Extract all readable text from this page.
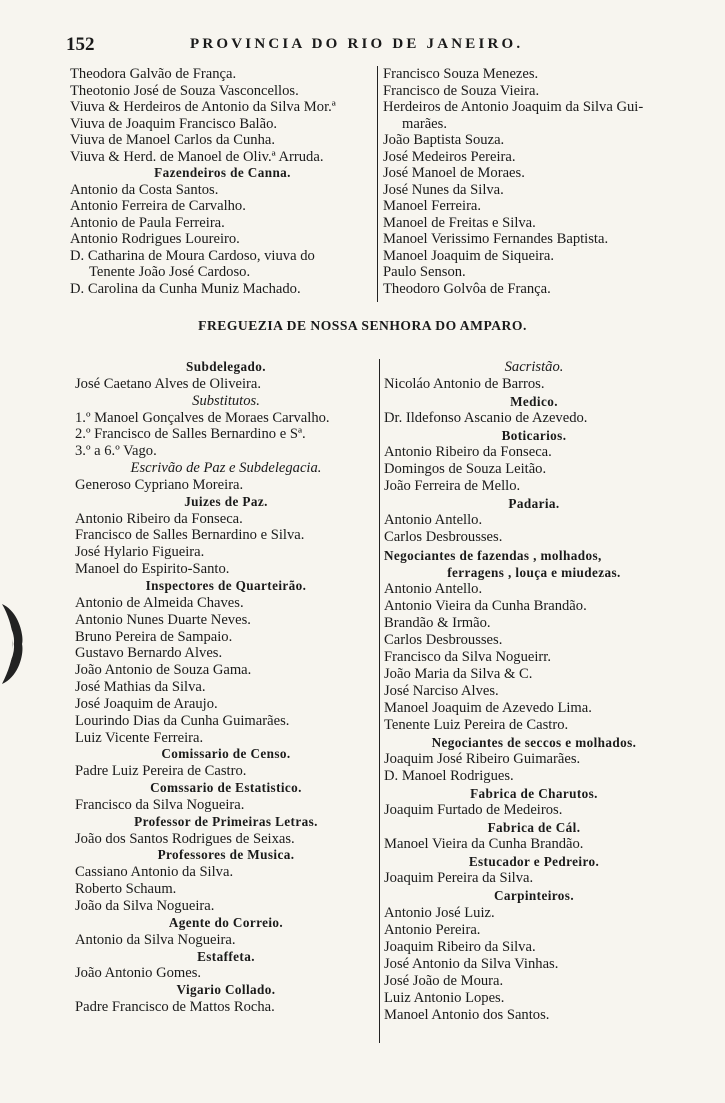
152	PROVINCIA DO RIO DE JANEIRO.
Theodora Galvão de França.
Theotonio José de Souza Vasconcellos.
Viuva & Herdeiros de Antonio da Silva Mor.ª
Viuva de Joaquim Francisco Balão.
Viuva de Manoel Carlos da Cunha.
Viuva & Herd. de Manoel de Oliv.ª Arruda.
Fazendeiros de Canna.
Antonio da Costa Santos.
Antonio Ferreira de Carvalho.
Antonio de Paula Ferreira.
Antonio Rodrigues Loureiro.
D. Catharina de Moura Cardoso, viuva do
Tenente João José Cardoso.
D. Carolina da Cunha Muniz Machado.
Francisco Souza Menezes.
Francisco de Souza Vieira.
Herdeiros de Antonio Joaquim da Silva Gui-
marães.
João Baptista Souza.
José Medeiros Pereira.
José Manoel de Moraes.
José Nunes da Silva.
Manoel Ferreira.
Manoel de Freitas e Silva.
Manoel Verissimo Fernandes Baptista.
Manoel Joaquim de Siqueira.
Paulo Senson.
Theodoro Golvôa de França.
FREGUEZIA DE NOSSA SENHORA DO AMPARO.
Subdelegado.
José Caetano Alves de Oliveira.
Substitutos.
1.º Manoel Gonçalves de Moraes Carvalho.
2.º Francisco de Salles Bernardino e Sª.
3.º a 6.º Vago.
Escrivão de Paz e Subdelegacia.
Generoso Cypriano Moreira.
Juizes de Paz.
Antonio Ribeiro da Fonseca.
Francisco de Salles Bernardino e Silva.
José Hylario Figueira.
Manoel do Espirito-Santo.
Inspectores de Quarteirão.
Antonio de Almeida Chaves.
Antonio Nunes Duarte Neves.
Bruno Pereira de Sampaio.
Gustavo Bernardo Alves.
João Antonio de Souza Gama.
José Mathias da Silva.
José Joaquim de Araujo.
Lourindo Dias da Cunha Guimarães.
Luiz Vicente Ferreira.
Comissario de Censo.
Padre Luiz Pereira de Castro.
Comssario de Estatistico.
Francisco da Silva Nogueira.
Professor de Primeiras Letras.
João dos Santos Rodrigues de Seixas.
Professores de Musica.
Cassiano Antonio da Silva.
Roberto Schaum.
João da Silva Nogueira.
Agente do Correio.
Antonio da Silva Nogueira.
Estaffeta.
João Antonio Gomes.
Vigario Collado.
Padre Francisco de Mattos Rocha.
Sacristão.
Nicoláo Antonio de Barros.
Medico.
Dr. Ildefonso Ascanio de Azevedo.
Boticarios.
Antonio Ribeiro da Fonseca.
Domingos de Souza Leitão.
João Ferreira de Mello.
Padaria.
Antonio Antello.
Carlos Desbrousses.
Negociantes de fazendas , molhados,
ferragens , louça e miudezas.
Antonio Antello.
Antonio Vieira da Cunha Brandão.
Brandão & Irmão.
Carlos Desbrousses.
Francisco da Silva Nogueirr.
João Maria da Silva & C.
José Narciso Alves.
Manoel Joaquim de Azevedo Lima.
Tenente Luiz Pereira de Castro.
Negociantes de seccos e molhados.
Joaquim José Ribeiro Guimarães.
D. Manoel Rodrigues.
Fabrica de Charutos.
Joaquim Furtado de Medeiros.
Fabrica de Cál.
Manoel Vieira da Cunha Brandão.
Estucador e Pedreiro.
Joaquim Pereira da Silva.
Carpinteiros.
Antonio José Luiz.
Antonio Pereira.
Joaquim Ribeiro da Silva.
José Antonio da Silva Vinhas.
José João de Moura.
Luiz Antonio Lopes.
Manoel Antonio dos Santos.
